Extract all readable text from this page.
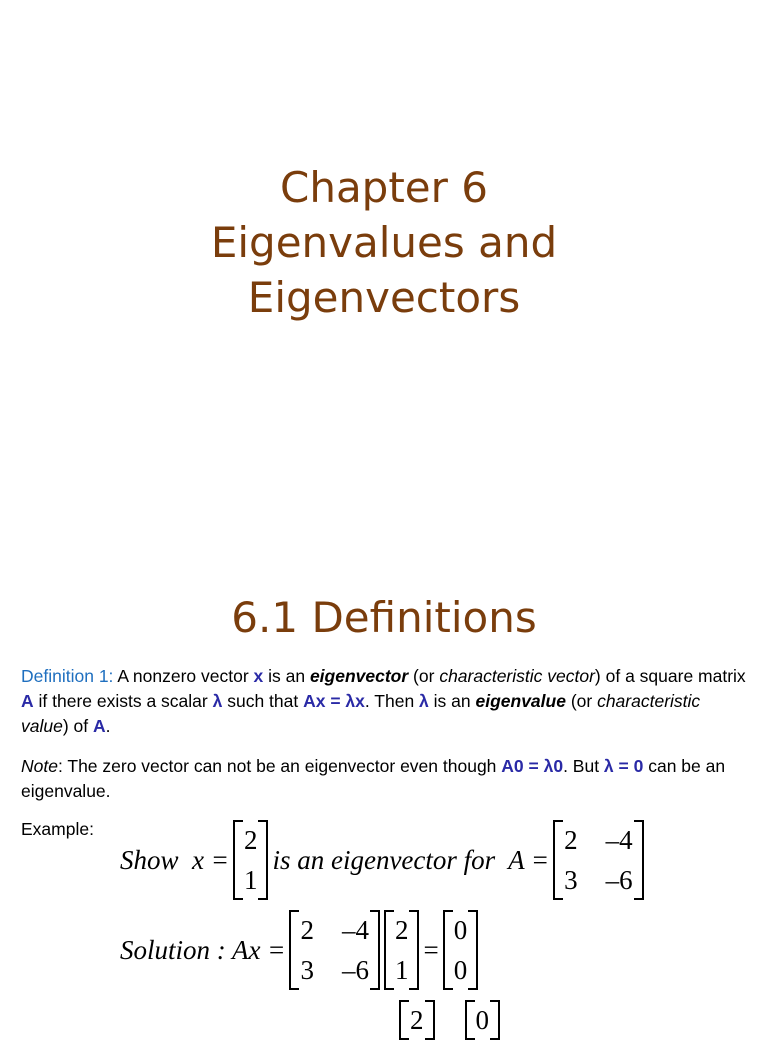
Chapter 6
Eigenvalues and
Eigenvectors
6.1 Definitions
Definition 1: A nonzero vector x is an eigenvector (or characteristic vector) of a square matrix A if there exists a scalar λ such that Ax = λx. Then λ is an eigenvalue (or characteristic value) of A.
Note: The zero vector can not be an eigenvector even though A0 = λ0. But λ = 0 can be an eigenvalue.
Example:
Show  x =
2
1
is an eigenvector for  A =
2 –4
3 –6
Solution : Ax =
2 –4
3 –6
2
1
=
0
0
2 0
